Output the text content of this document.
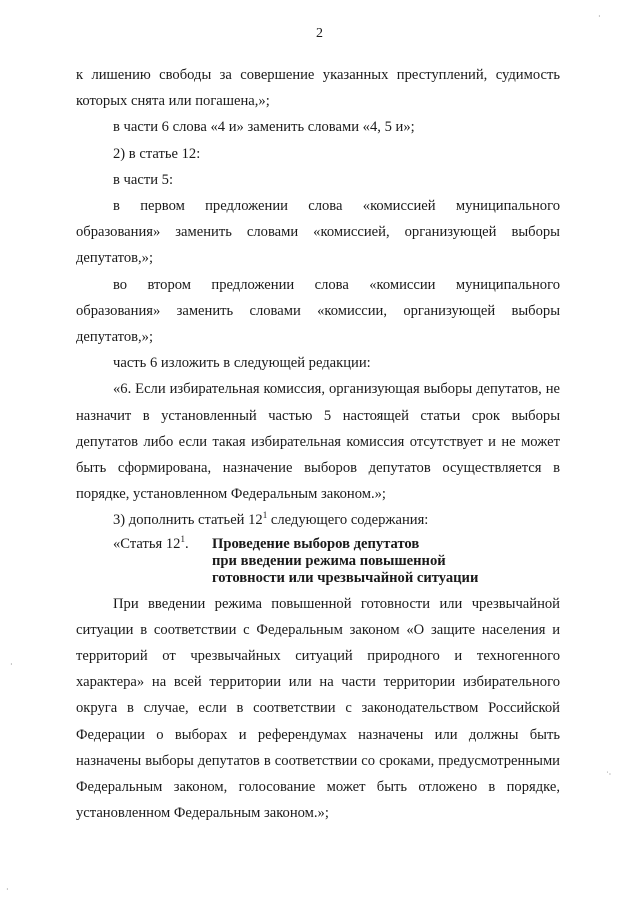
2

к лишению свободы за совершение указанных преступлений, судимость которых снята или погашена,»;

в части 6 слова «4 и» заменить словами «4, 5 и»;

2) в статье 12:

в части 5:

в первом предложении слова «комиссией муниципального образования» заменить словами «комиссией, организующей выборы депутатов,»;

во втором предложении слова «комиссии муниципального образования» заменить словами «комиссии, организующей выборы депутатов,»;

часть 6 изложить в следующей редакции:

«6. Если избирательная комиссия, организующая выборы депутатов, не назначит в установленный частью 5 настоящей статьи срок выборы депутатов либо если такая избирательная комиссия отсутствует и не может быть сформирована, назначение выборов депутатов осуществляется в порядке, установленном Федеральным законом.»;

3) дополнить статьей $12^1$ следующего содержания:

«Статья $12^1$.	Проведение выборов депутатов
при введении режима повышенной
готовности или чрезвычайной ситуации

При введении режима повышенной готовности или чрезвычайной ситуации в соответствии с Федеральным законом «О защите населения и территорий от чрезвычайных ситуаций природного и техногенного характера» на всей территории или на части территории избирательного округа в случае, если в соответствии с законодательством Российской Федерации о выборах и референдумах назначены или должны быть назначены выборы депутатов в соответствии со сроками, предусмотренными Федеральным законом, голосование может быть отложено в порядке, установленном Федеральным законом.»;

·
·
˙·
·
